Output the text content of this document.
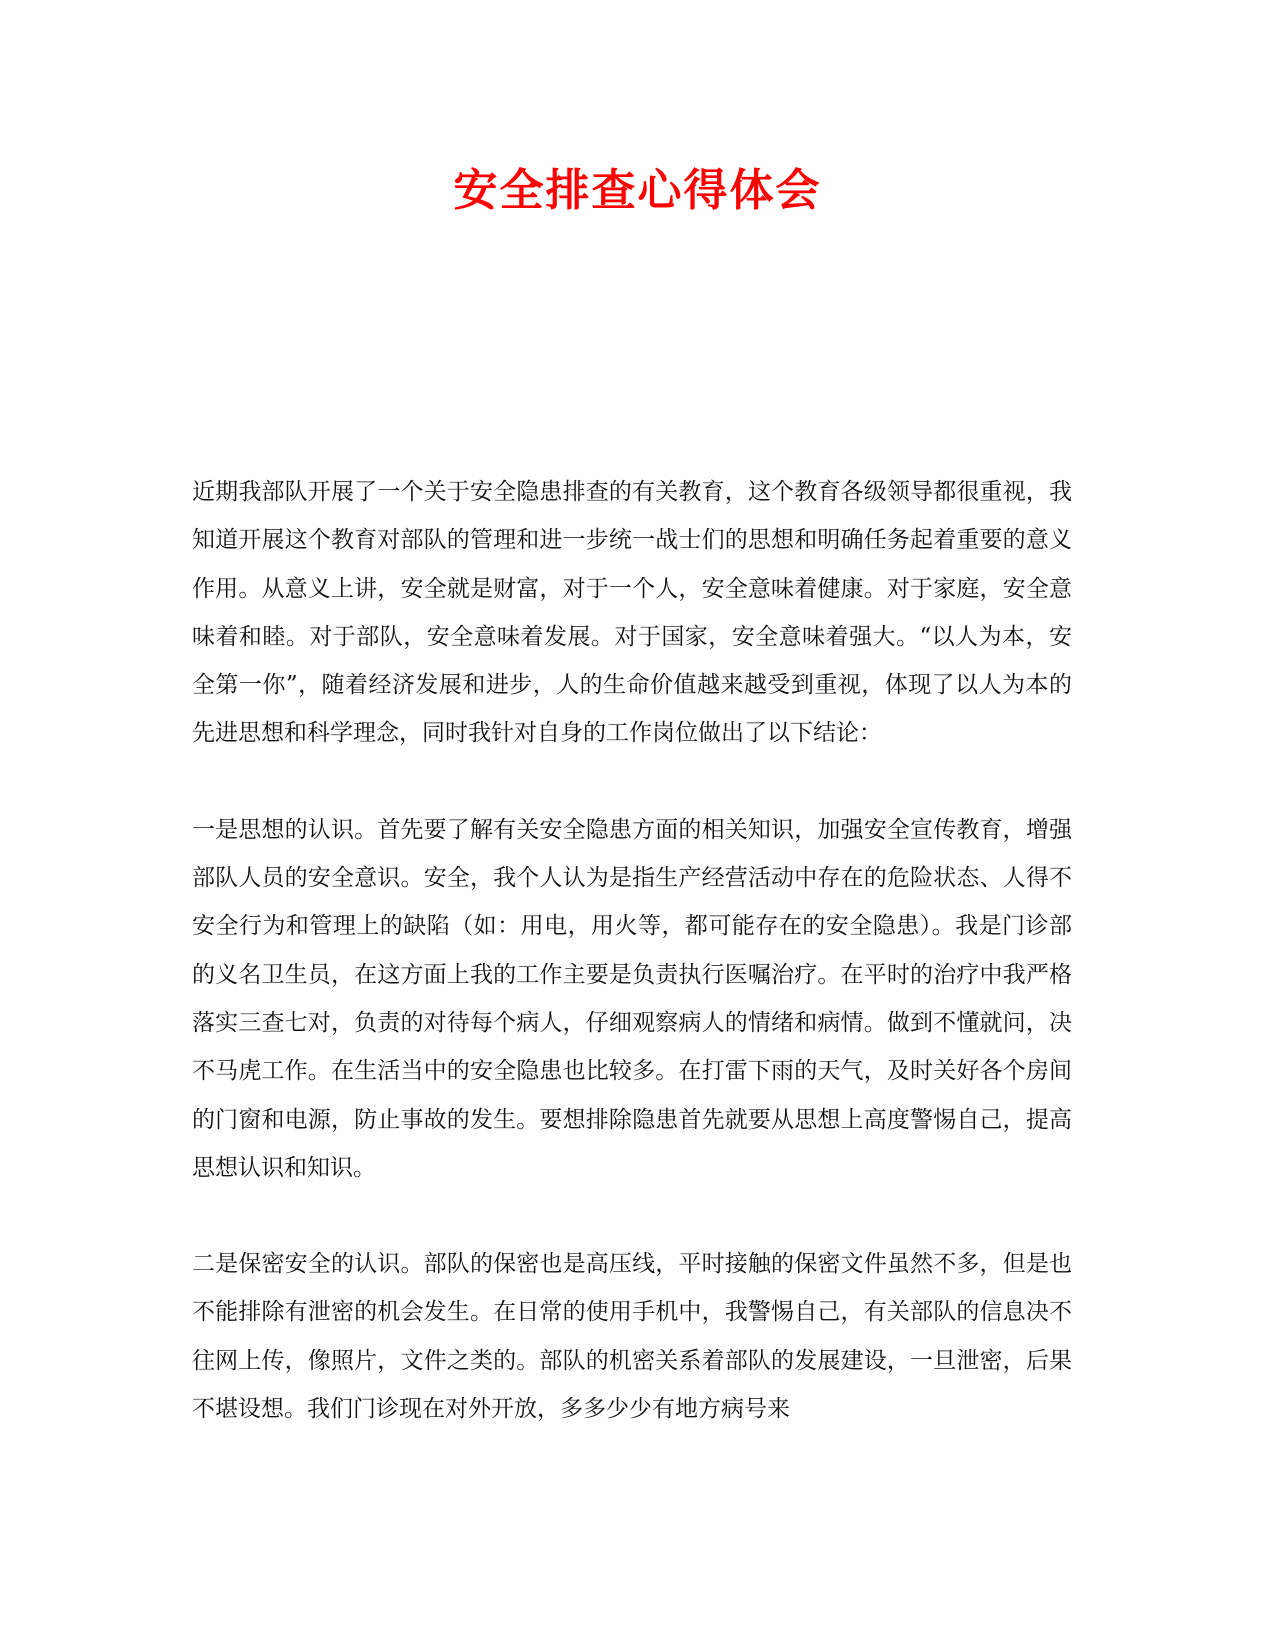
安全排查心得体会

近期我部队开展了一个关于安全隐患排查的有关教育，这个教育各级领导都很重视，我知道开展这个教育对部队的管理和进一步统一战士们的思想和明确任务起着重要的意义作用。从意义上讲，安全就是财富，对于一个人，安全意味着健康。对于家庭，安全意味着和睦。对于部队，安全意味着发展。对于国家，安全意味着强大。“以人为本，安全第一你”，随着经济发展和进步，人的生命价值越来越受到重视，体现了以人为本的先进思想和科学理念，同时我针对自身的工作岗位做出了以下结论：

一是思想的认识。首先要了解有关安全隐患方面的相关知识，加强安全宣传教育，增强部队人员的安全意识。安全，我个人认为是指生产经营活动中存在的危险状态、人得不安全行为和管理上的缺陷（如：用电，用火等，都可能存在的安全隐患）。我是门诊部的义名卫生员，在这方面上我的工作主要是负责执行医嘱治疗。在平时的治疗中我严格落实三查七对，负责的对待每个病人，仔细观察病人的情绪和病情。做到不懂就问，决不马虎工作。在生活当中的安全隐患也比较多。在打雷下雨的天气，及时关好各个房间的门窗和电源，防止事故的发生。要想排除隐患首先就要从思想上高度警惕自己，提高思想认识和知识。

二是保密安全的认识。部队的保密也是高压线，平时接触的保密文件虽然不多，但是也不能排除有泄密的机会发生。在日常的使用手机中，我警惕自己，有关部队的信息决不往网上传，像照片，文件之类的。部队的机密关系着部队的发展建设，一旦泄密，后果不堪设想。我们门诊现在对外开放，多多少少有地方病号来
